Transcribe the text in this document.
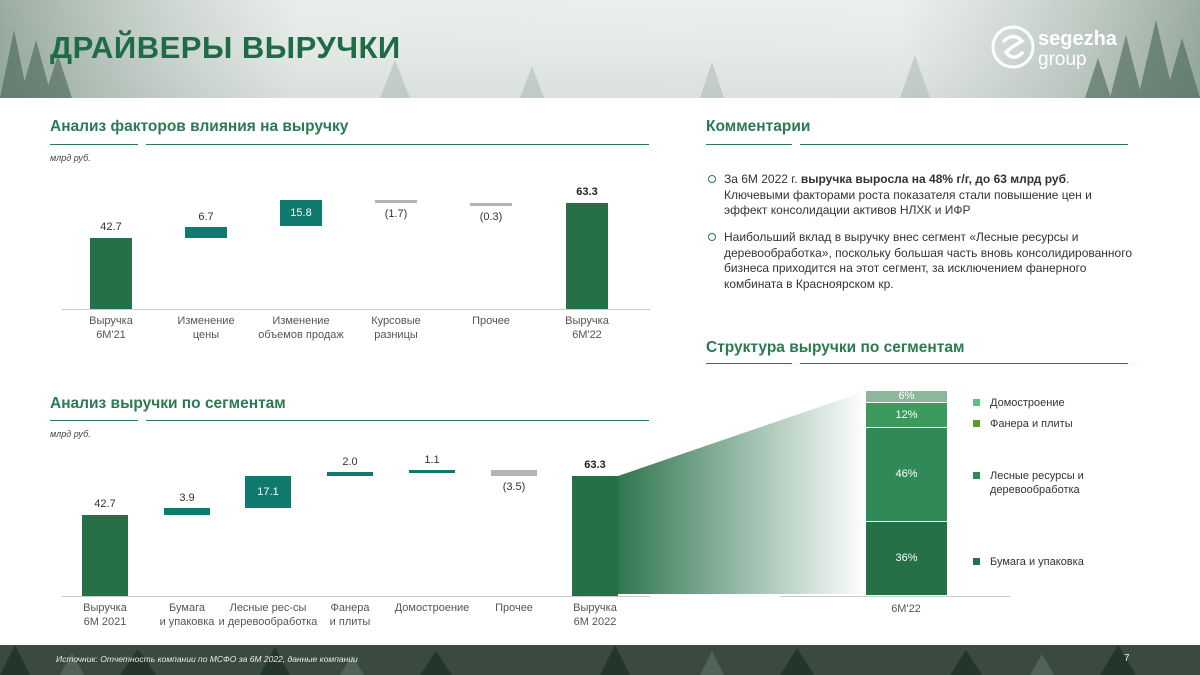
ДРАЙВЕРЫ ВЫРУЧКИ	segezha
group
Анализ факторов влияния на выручку
млрд руб.
42.7
Выручка
6М'21
6.7
Изменение
цены
15.8
Изменение
объемов продаж
(1.7)
Курсовые
разницы
(0.3)
Прочее
63.3
Выручка
6М'22
Анализ выручки по сегментам
млрд руб.
42.7
Выручка
6М 2021
3.9
Бумага
и упаковка
17.1
Лесные рес-сы
и деревообработка
2.0
Фанера
и плиты
1.1
Домостроение
(3.5)
Прочее
63.3
Выручка
6М 2022
Комментарии
За 6М 2022 г. выручка выросла на 48% г/г, до 63 млрд руб. Ключевыми факторами роста показателя стали повышение цен и эффект консолидации активов НЛХК и ИФР
Наибольший вклад в выручку внес сегмент «Лесные ресурсы и деревообработка», поскольку большая часть вновь консолидированного бизнеса приходится на этот сегмент, за исключением фанерного комбината в Красноярском кр.
Структура выручки по сегментам
36%
46%
12%
6%
6М'22
Домостроение
Фанера и плиты
Лесные ресурсы и
деревообработка
Бумага и упаковка
Источник: Отчетность компании по МСФО за 6М 2022, данные компании	7
